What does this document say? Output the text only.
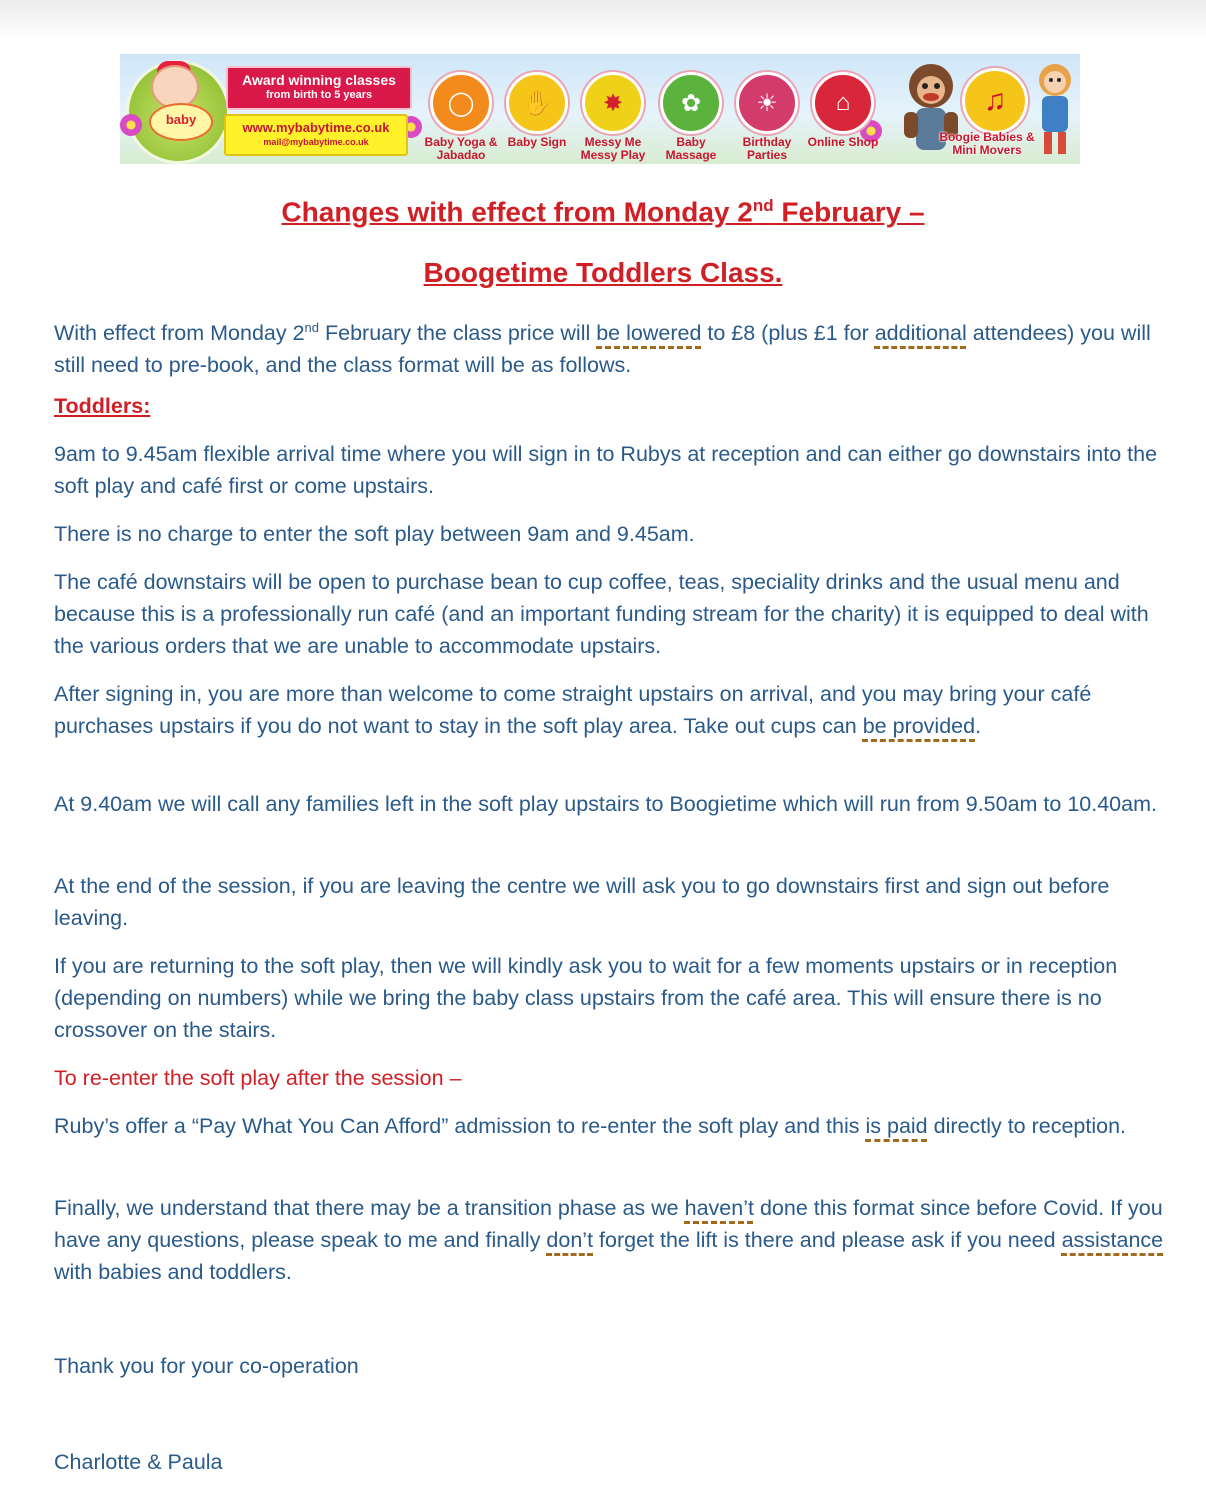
baby
Award winning classes
from birth to 5 years
www.mybabytime.co.uk
mail@mybabytime.co.uk
◯
Baby Yoga & Jabadao
✋
Baby Sign
✸
Messy Me Messy Play
✿
Baby Massage
☀
Birthday Parties
⌂
Online Shop
♫
Boogie Babies & Mini Movers
Changes with effect from Monday 2nd February –
Boogetime Toddlers Class.

With effect from Monday 2nd February the class price will be lowered to £8 (plus £1 for additional attendees) you will still need to pre-book, and the class format will be as follows.

Toddlers:

9am to 9.45am flexible arrival time where you will sign in to Rubys at reception and can either go downstairs into the soft play and café first or come upstairs.

There is no charge to enter the soft play between 9am and 9.45am.

The café downstairs will be open to purchase bean to cup coffee, teas, speciality drinks and the usual menu and because this is a professionally run café (and an important funding stream for the charity) it is equipped to deal with the various orders that we are unable to accommodate upstairs.

After signing in, you are more than welcome to come straight upstairs on arrival, and you may bring your café purchases upstairs if you do not want to stay in the soft play area. Take out cups can be provided.

At 9.40am we will call any families left in the soft play upstairs to Boogietime which will run from 9.50am to 10.40am.

At the end of the session, if you are leaving the centre we will ask you to go downstairs first and sign out before leaving.

If you are returning to the soft play, then we will kindly ask you to wait for a few moments upstairs or in reception (depending on numbers) while we bring the baby class upstairs from the café area. This will ensure there is no crossover on the stairs.

To re-enter the soft play after the session –

Ruby’s offer a “Pay What You Can Afford” admission to re-enter the soft play and this is paid directly to reception.

Finally, we understand that there may be a transition phase as we haven’t done this format since before Covid. If you have any questions, please speak to me and finally don’t forget the lift is there and please ask if you need assistance with babies and toddlers.

Thank you for your co-operation

Charlotte & Paula
